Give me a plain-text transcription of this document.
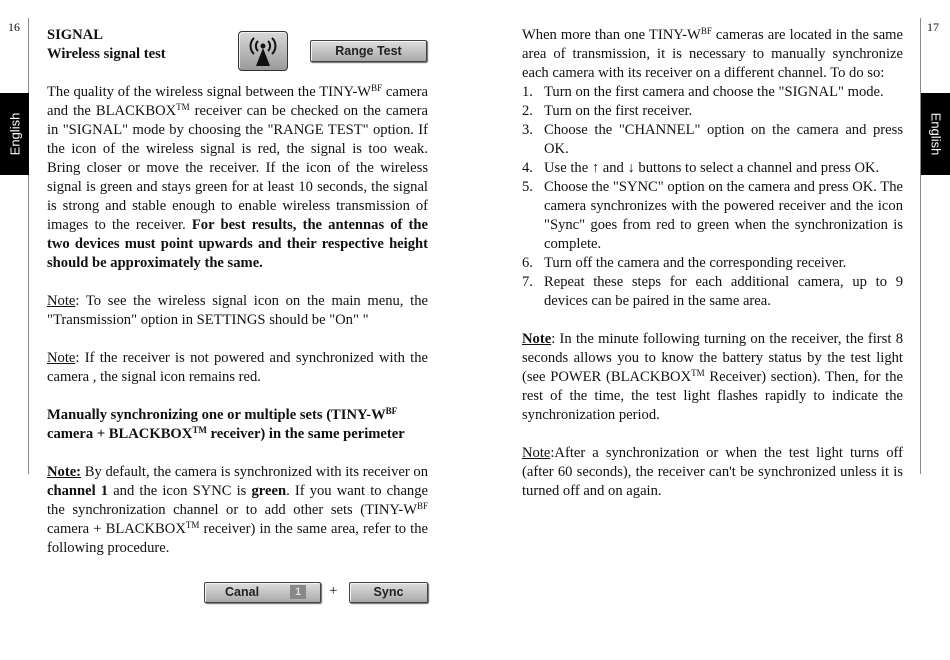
16	17
English	English
Range Test
SIGNAL
Wireless signal test

The quality of the wireless signal between the TINY-$W^{BF}$ camera and the BLACKBOX™ receiver can be checked on the camera in "SIGNAL" mode by choosing the "RANGE TEST" option. If the icon of the wireless signal is red, the signal is too weak. Bring closer or move the receiver. If the icon of the wireless signal is green and stays green for at least 10 seconds, the signal is strong and stable enough to enable wireless transmission of images to the receiver. For best results, the antennas of the two devices must point upwards and their respective height should be approximately the same.

Note: To see the wireless signal icon on the main menu, the "Transmission" option in SETTINGS should be "On" "

Note: If the receiver is not powered and synchronized with the camera , the signal icon remains red.

Manually synchronizing one or multiple sets ($TINY-W^{BF}$
camera + BLACKBOX™ receiver) in the same perimeter

Note: By default, the camera is synchronized with its receiver on channel 1 and the icon SYNC is green. If you want to change the synchronization channel or to add other sets ($TINY-W^{BF}$ camera + BLACKBOX™ receiver) in the same area, refer to the following procedure.

Canal	1	+	Sync

When more than one TINY-$W^{BF}$ cameras are located in the same area of transmission, it is necessary to manually synchronize each camera with its receiver on a different channel. To do so:

1. Turn on the first camera and choose the "SIGNAL" mode.
2. Turn on the first receiver.
3. Choose the "CHANNEL" option on the camera and press OK.
4. Use the ↑ and ↓ buttons to select a channel and press OK.
5. Choose the "SYNC" option on the camera and press OK. The camera synchronizes with the powered receiver and the icon "Sync" goes from red to green when the synchronization is complete.
6. Turn off the camera and the corresponding receiver.
7. Repeat these steps for each additional camera, up to 9 devices can be paired in the same area.

Note: In the minute following turning on the receiver, the first 8 seconds allows you to know the battery status by the test light (see POWER (BLACKBOX™ Receiver) section). Then, for the rest of the time, the test light flashes rapidly to indicate the synchronization period.

Note:After a synchronization or when the test light turns off (after 60 seconds), the receiver can't be synchronized unless it is turned off and on again.
